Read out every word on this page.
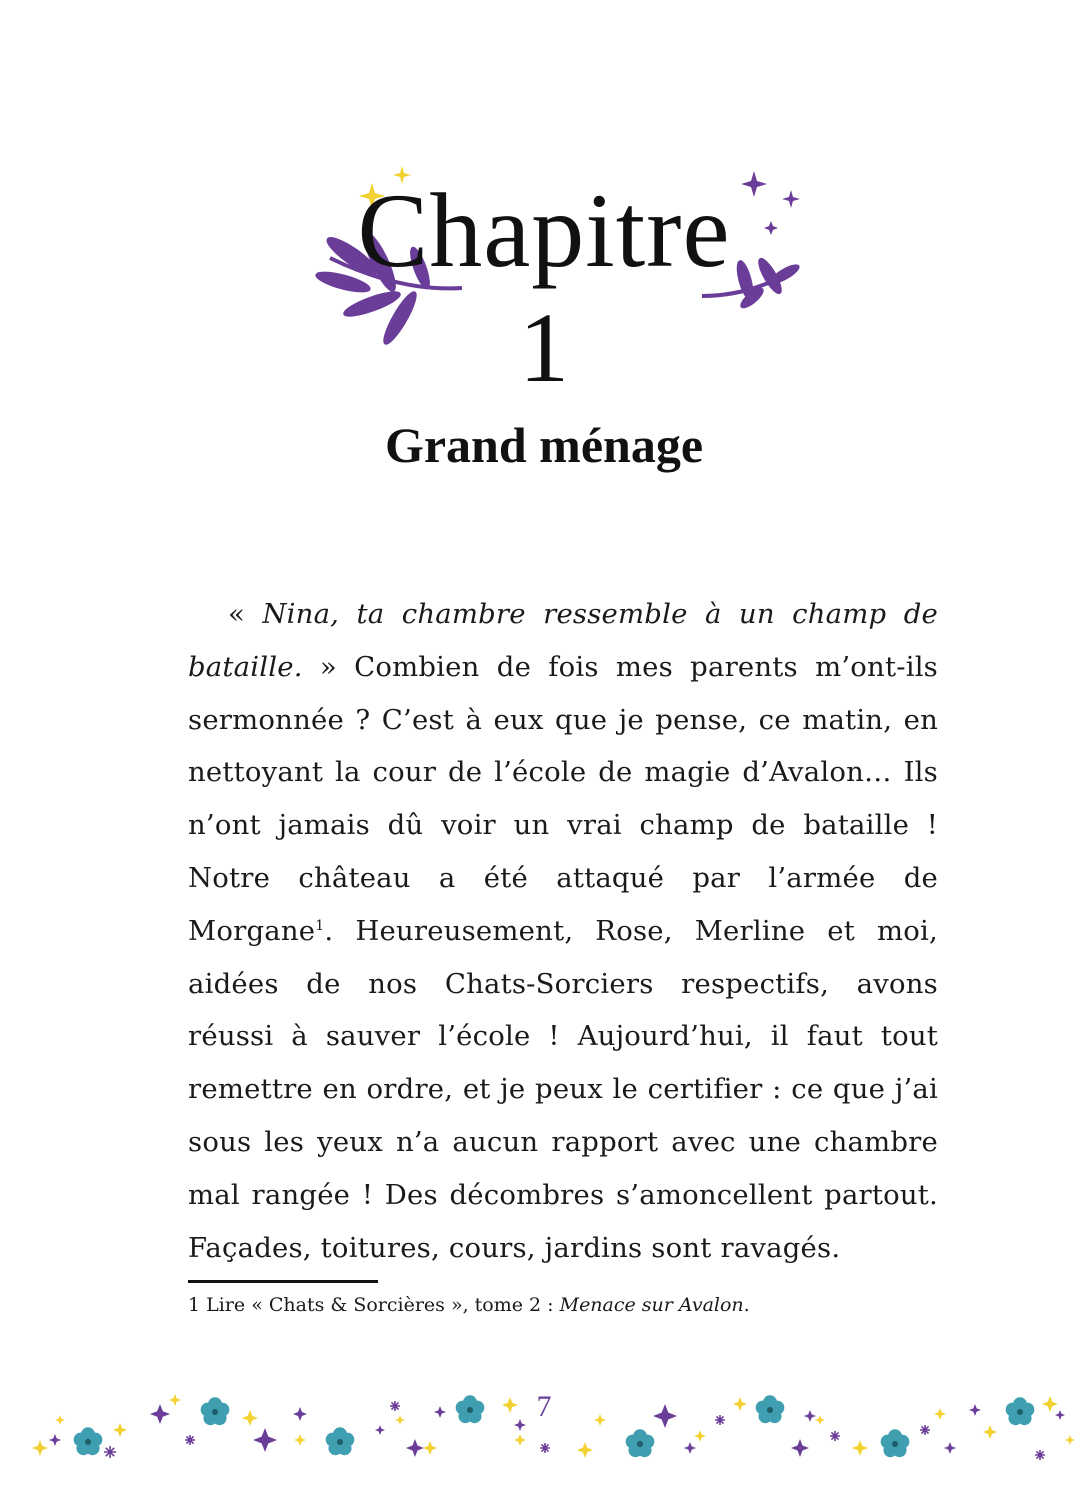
Chapitre
1
Grand ménage

« Nina, ta chambre ressemble à un champ de bataille. » Combien de fois mes parents m’ont-ils sermonnée ? C’est à eux que je pense, ce matin, en nettoyant la cour de l’école de magie d’Avalon… Ils n’ont jamais dû voir un vrai champ de bataille ! Notre château a été attaqué par l’armée de Morgane$^1$. Heureusement, Rose, Merline et moi, aidées de nos Chats-Sorciers respectifs, avons réussi à sauver l’école ! Aujourd’hui, il faut tout remettre en ordre, et je peux le certifier : ce que j’ai sous les yeux n’a aucun rapport avec une chambre mal rangée ! Des décombres s’amoncellent partout. Façades, toitures, cours, jardins sont ravagés.

1 Lire « Chats & Sorcières », tome 2 : Menace sur Avalon.
7
